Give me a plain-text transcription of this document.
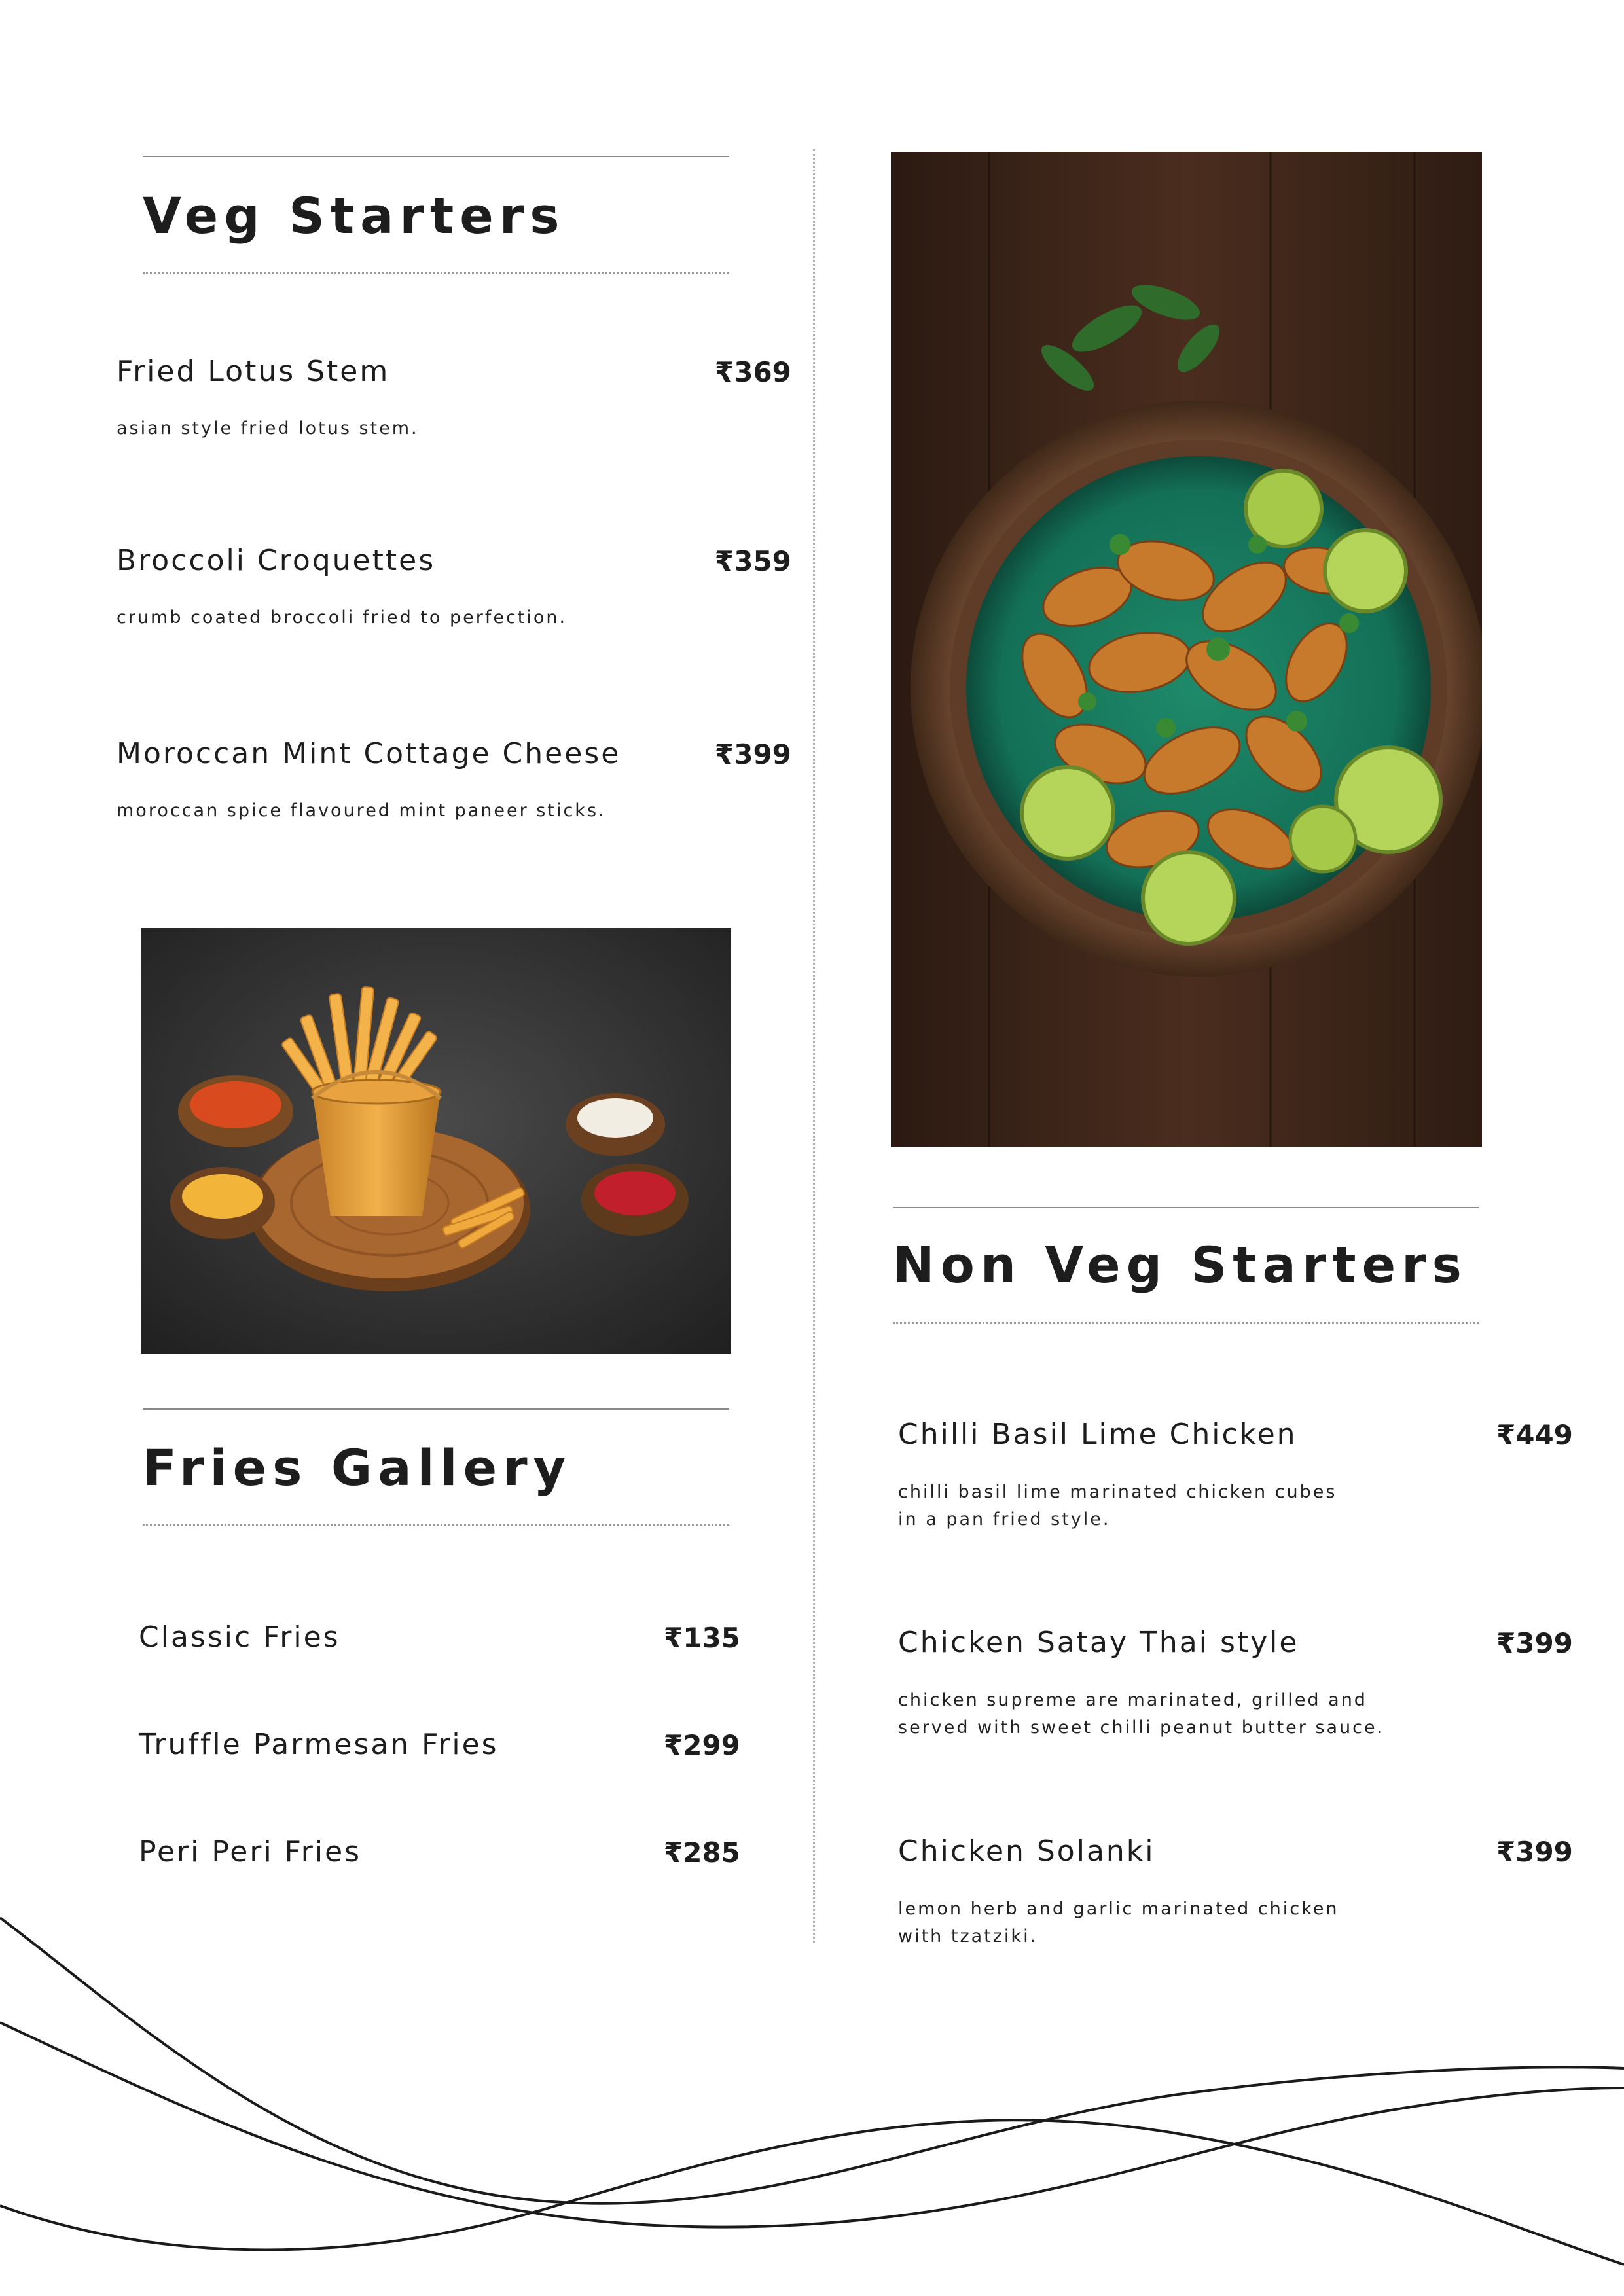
Veg Starters

Fried Lotus Stem	₹369

asian style fried lotus stem.

Broccoli Croquettes	₹359

crumb coated broccoli fried to perfection.

Moroccan Mint Cottage Cheese	₹399

moroccan spice flavoured mint paneer sticks.

Fries Gallery

Classic Fries	₹135

Truffle Parmesan Fries	₹299

Peri Peri Fries	₹285

Non Veg Starters

Chilli Basil Lime Chicken	₹449

chilli basil lime marinated chicken cubes
in a pan fried style.

Chicken Satay Thai style	₹399

chicken supreme are marinated, grilled and
served with sweet chilli peanut butter sauce.

Chicken Solanki	₹399

lemon herb and garlic marinated chicken
with tzatziki.
